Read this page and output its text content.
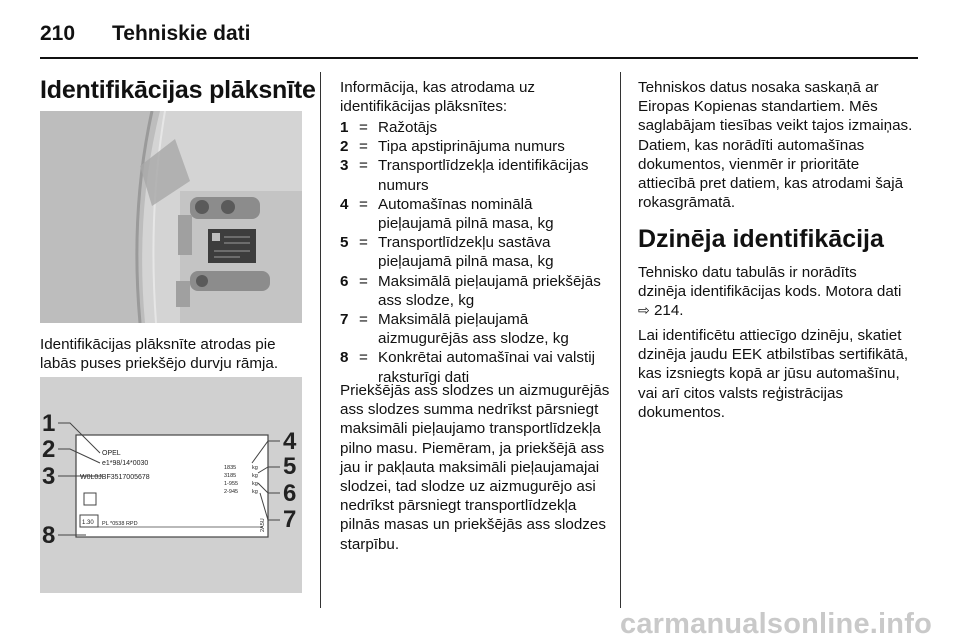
210 Tehniskie dati
Identifikācijas plāksnīte
Identifikācijas plāksnīte atrodas pie labās puses priekšējo durvju rāmja.
1
2
3
8
4
5
6
7
OPEL
e1*98/14*0030
W0L0JBF3517005678
1835
3185
1-955
2-945
kg
kg
kg
kg
1.30 PL *0538 RPD	2A5U
Informācija, kas atrodama uz identifikācijas plāksnītes:
1 = Ražotājs
2 = Tipa apstiprinājuma numurs
3 = Transportlīdzekļa identifikācijas numurs
4 = Automašīnas nominālā pieļaujamā pilnā masa, kg
5 = Transportlīdzekļu sastāva pieļaujamā pilnā masa, kg
6 = Maksimālā pieļaujamā priekšējās ass slodze, kg
7 = Maksimālā pieļaujamā aizmugurējās ass slodze, kg
8 = Konkrētai automašīnai vai valstij raksturīgi dati
Priekšējās ass slodzes un aizmugurējās ass slodzes summa nedrīkst pārsniegt maksimāli pieļaujamo transportlīdzekļa pilno masu. Piemēram, ja priekšējā ass jau ir pakļauta maksimāli pieļaujamajai slodzei, tad slodze uz aizmugurējo asi nedrīkst pārsniegt transportlīdzekļa pilnās masas un priekšējās ass slodzes starpību.
Tehniskos datus nosaka saskaņā ar Eiropas Kopienas standartiem. Mēs saglabājam tiesības veikt tajos izmaiņas. Datiem, kas norādīti automašīnas dokumentos, vienmēr ir prioritāte attiecībā pret datiem, kas atrodami šajā rokasgrāmatā.
Dzinēja identifikācija
Tehnisko datu tabulās ir norādīts dzinēja identifikācijas kods. Motora dati ⇨ 214.
Lai identificētu attiecīgo dzinēju, skatiet dzinēja jaudu EEK atbilstības sertifikātā, kas izsniegts kopā ar jūsu automašīnu, vai arī citos valsts reģistrācijas dokumentos.
carmanualsonline.info
